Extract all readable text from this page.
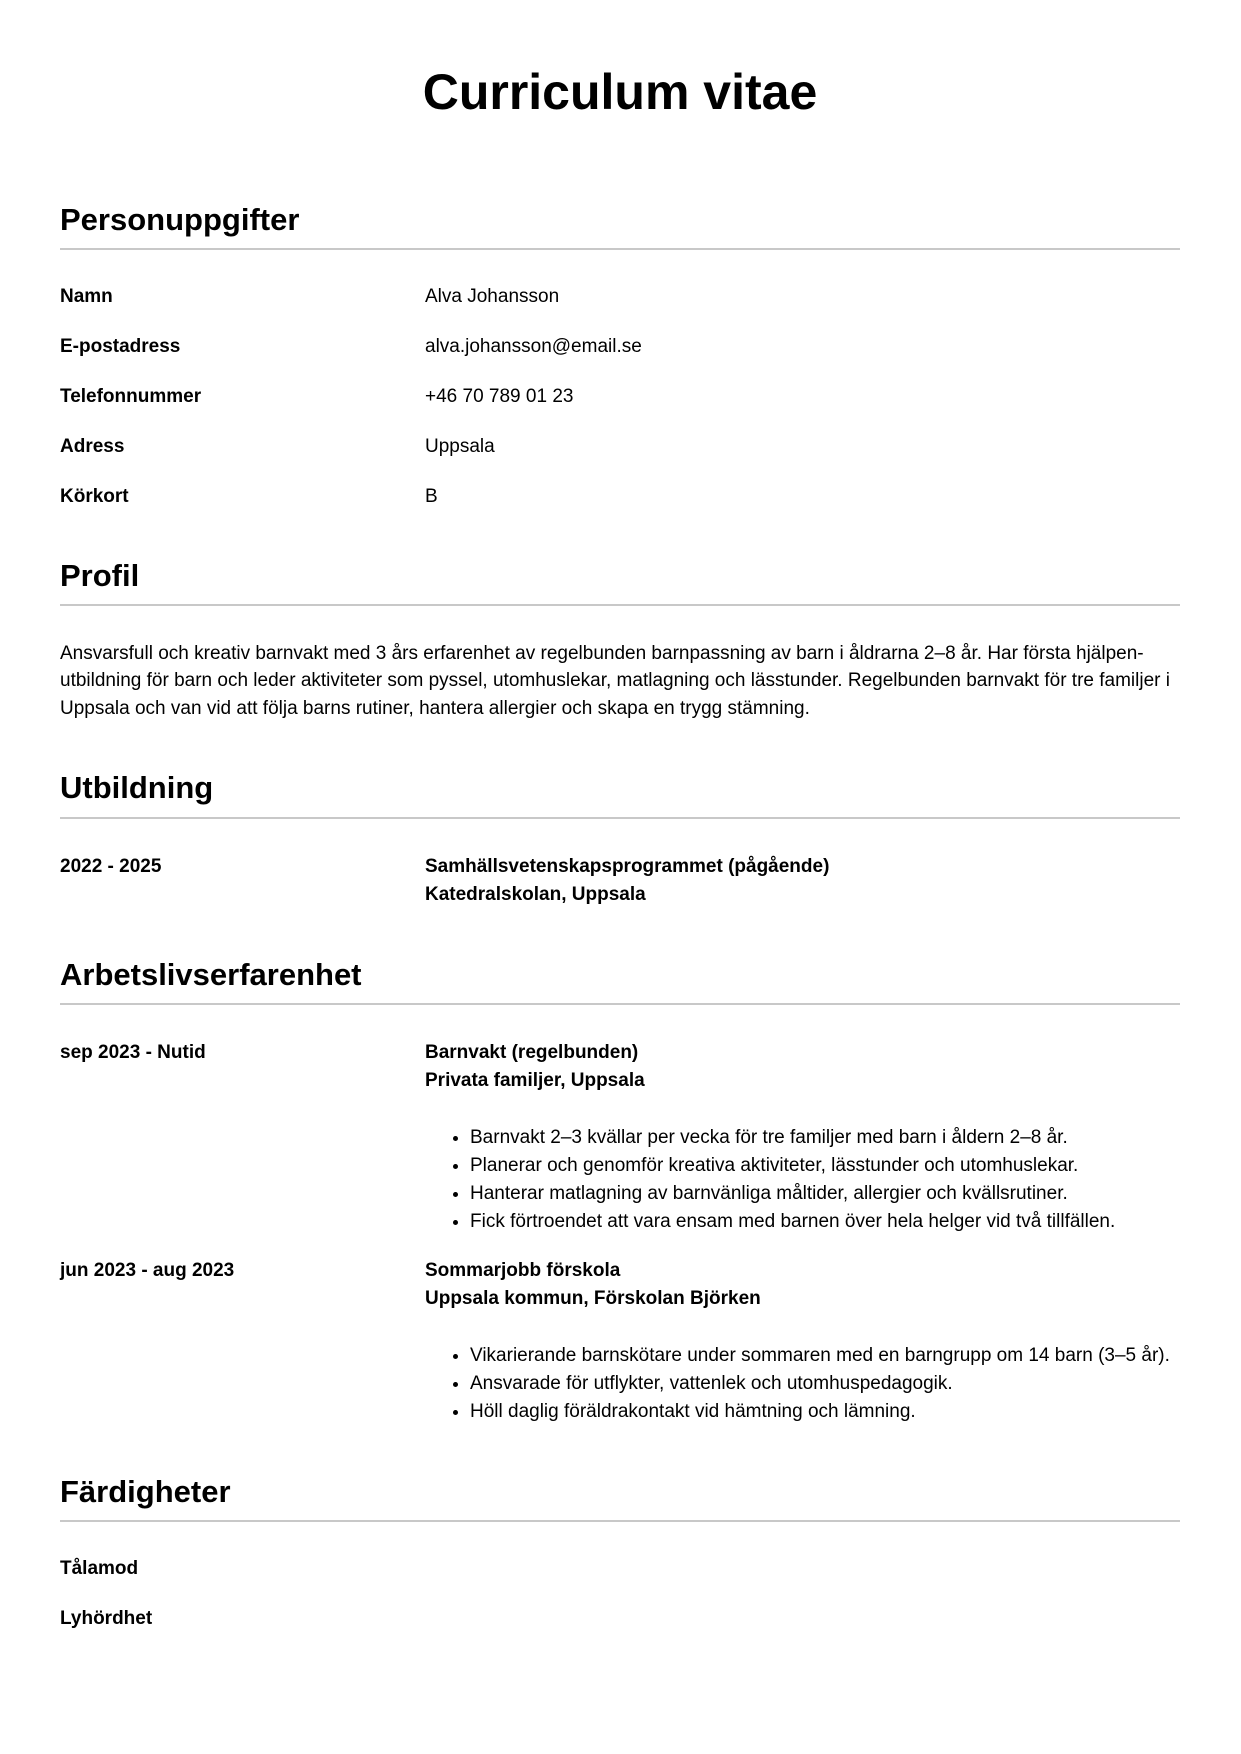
Curriculum vitae
Personuppgifter
Namn	Alva Johansson
E-postadress	alva.johansson@email.se
Telefonnummer	+46 70 789 01 23
Adress	Uppsala
Körkort	B
Profil

Ansvarsfull och kreativ barnvakt med 3 års erfarenhet av regelbunden barnpassning av barn i åldrarna 2–8 år. Har första hjälpen-utbildning för barn och leder aktiviteter som pyssel, utomhuslekar, matlagning och lässtunder. Regelbunden barnvakt för tre familjer i Uppsala och van vid att följa barns rutiner, hantera allergier och skapa en trygg stämning.

Utbildning
2022 - 2025	Samhällsvetenskapsprogrammet (pågående)
Katedralskolan, Uppsala
Arbetslivserfarenhet
sep 2023 - Nutid	Barnvakt (regelbunden)
Privata familjer, Uppsala
• Barnvakt 2–3 kvällar per vecka för tre familjer med barn i åldern 2–8 år.
• Planerar och genomför kreativa aktiviteter, lässtunder och utomhuslekar.
• Hanterar matlagning av barnvänliga måltider, allergier och kvällsrutiner.
• Fick förtroendet att vara ensam med barnen över hela helger vid två tillfällen.
jun 2023 - aug 2023	Sommarjobb förskola
Uppsala kommun, Förskolan Björken
• Vikarierande barnskötare under sommaren med en barngrupp om 14 barn (3–5 år).
• Ansvarade för utflykter, vattenlek och utomhuspedagogik.
• Höll daglig föräldrakontakt vid hämtning och lämning.
Färdigheter
Tålamod
Lyhördhet
